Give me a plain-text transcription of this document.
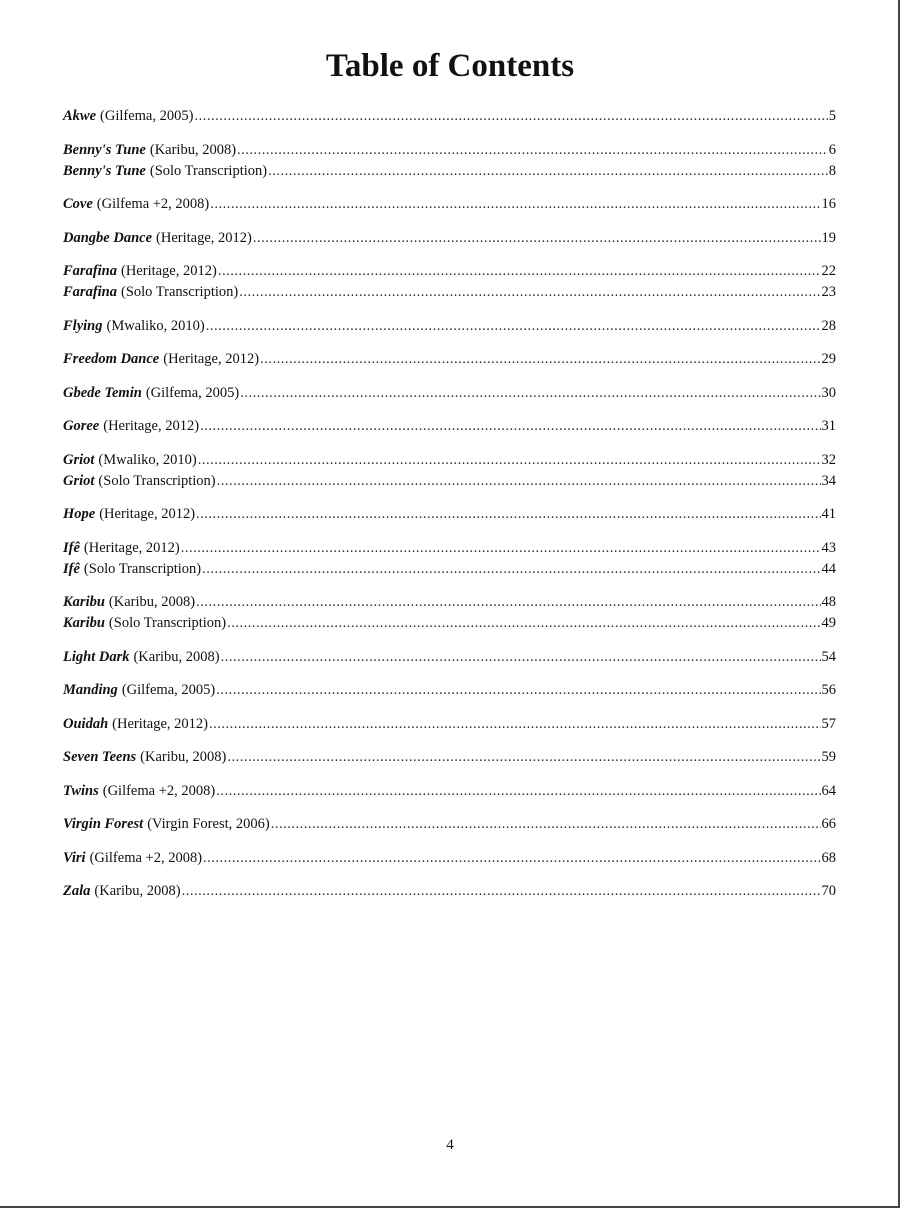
Table of Contents
Akwe (Gilfema, 2005) .....	5
Benny's Tune (Karibu, 2008) .....	6
Benny's Tune (Solo Transcription) .....	8
Cove (Gilfema +2, 2008) .....	16
Dangbe Dance (Heritage, 2012) .....	19
Farafina (Heritage, 2012) .....	22
Farafina (Solo Transcription) .....	23
Flying (Mwaliko, 2010) .....	28
Freedom Dance (Heritage, 2012) .....	29
Gbede Temin (Gilfema, 2005) .....	30
Goree (Heritage, 2012) .....	31
Griot (Mwaliko, 2010) .....	32
Griot (Solo Transcription) .....	34
Hope (Heritage, 2012) .....	41
Ifê (Heritage, 2012) .....	43
Ifê (Solo Transcription) .....	44
Karibu (Karibu, 2008) .....	48
Karibu (Solo Transcription) .....	49
Light Dark (Karibu, 2008) .....	54
Manding (Gilfema, 2005) .....	56
Ouidah (Heritage, 2012) .....	57
Seven Teens (Karibu, 2008) .....	59
Twins (Gilfema +2, 2008) .....	64
Virgin Forest (Virgin Forest, 2006) .....	66
Viri (Gilfema +2, 2008) .....	68
Zala (Karibu, 2008) .....	70
4
